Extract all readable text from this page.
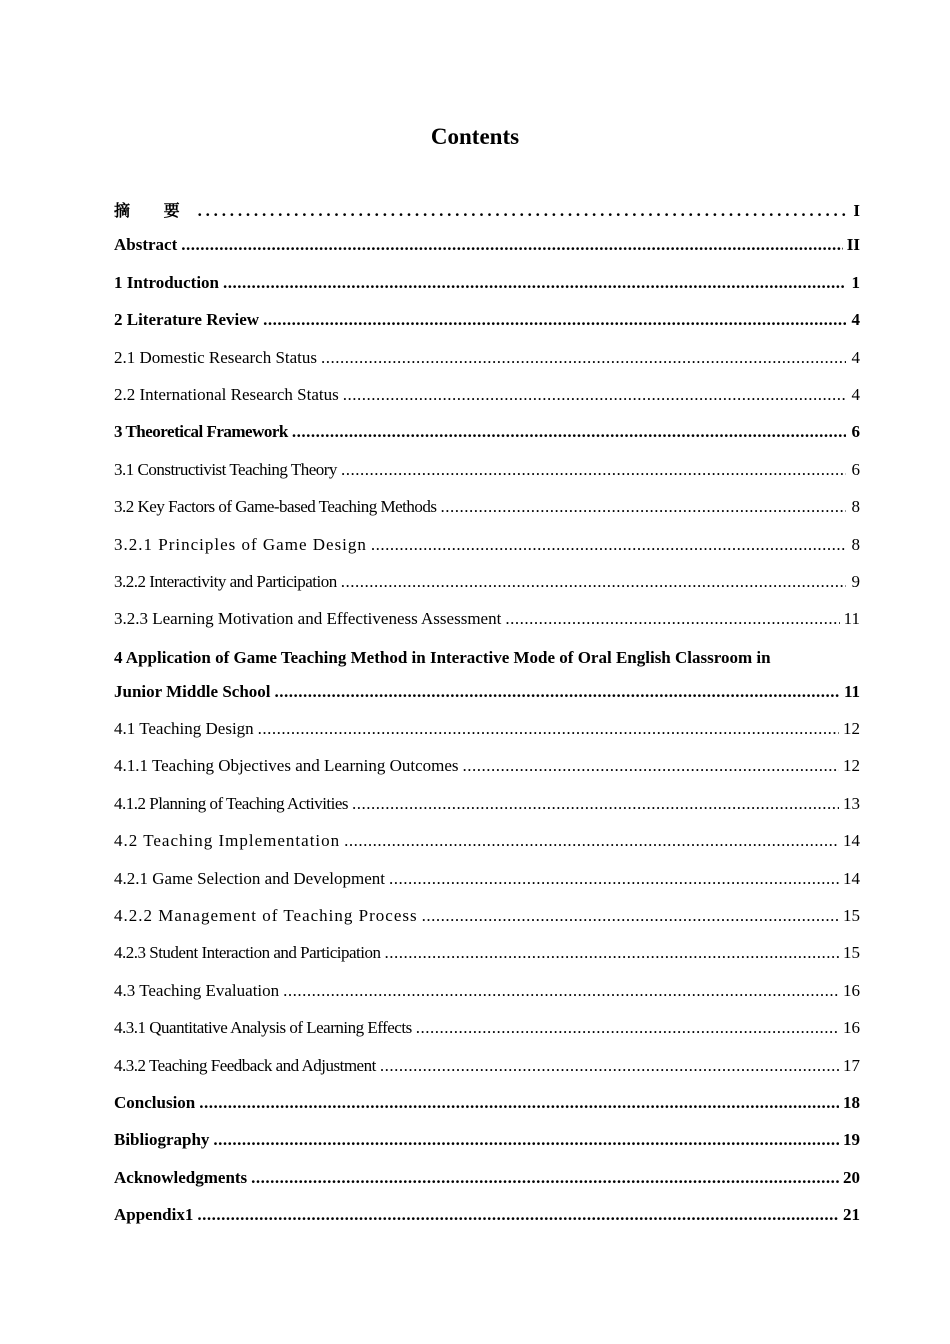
Contents
摘 要 .....	I
Abstract .....	II
1 Introduction .....	1
2 Literature Review .....	4
2.1 Domestic Research Status .....	4
2.2 International Research Status .....	4
3 Theoretical Framework .....	6
3.1 Constructivist Teaching Theory .....	6
3.2 Key Factors of Game-based Teaching Methods .....	8
3.2.1 Principles of Game Design .....	8
3.2.2 Interactivity and Participation .....	9
3.2.3 Learning Motivation and Effectiveness Assessment .....	11
4 Application of Game Teaching Method in Interactive Mode of Oral English Classroom in
Junior Middle School .....	11
4.1 Teaching Design .....	12
4.1.1 Teaching Objectives and Learning Outcomes .....	12
4.1.2 Planning of Teaching Activities .....	13
4.2 Teaching Implementation .....	14
4.2.1 Game Selection and Development .....	14
4.2.2 Management of Teaching Process .....	15
4.2.3 Student Interaction and Participation .....	15
4.3 Teaching Evaluation .....	16
4.3.1 Quantitative Analysis of Learning Effects .....	16
4.3.2 Teaching Feedback and Adjustment .....	17
Conclusion .....	18
Bibliography .....	19
Acknowledgments .....	20
Appendix1 .....	21
